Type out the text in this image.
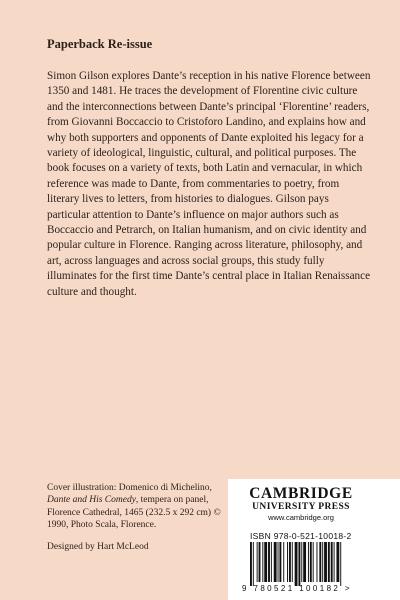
Paperback Re-issue

Simon Gilson explores Dante’s reception in his native Florence between 1350 and 1481. He traces the development of Florentine civic culture and the interconnections between Dante’s principal ‘Florentine’ readers, from Giovanni Boccaccio to Cristoforo Landino, and explains how and why both supporters and opponents of Dante exploited his legacy for a variety of ideological, linguistic, cultural, and political purposes. The book focuses on a variety of texts, both Latin and vernacular, in which reference was made to Dante, from commentaries to poetry, from literary lives to letters, from histories to dialogues. Gilson pays particular attention to Dante’s influence on major authors such as Boccaccio and Petrarch, on Italian humanism, and on civic identity and popular culture in Florence. Ranging across literature, philosophy, and art, across languages and across social groups, this study fully illuminates for the first time Dante’s central place in Italian Renaissance culture and thought.

Cover illustration: Domenico di Michelino, Dante and His Comedy, tempera on panel, Florence Cathedral, 1465 (232.5 x 292 cm) © 1990, Photo Scala, Florence.

Designed by Hart McLeod

CAMBRIDGE
UNIVERSITY PRESS
www.cambridge.org
ISBN 978-0-521-10018-2
9 780521 100182 >
